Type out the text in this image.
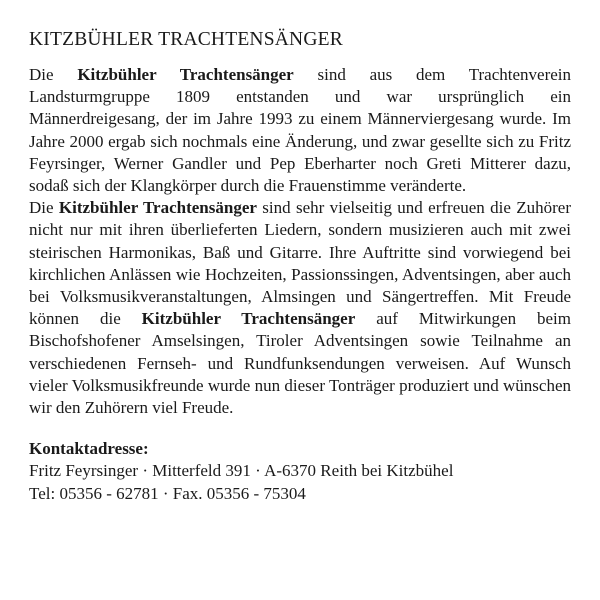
KITZBÜHLER TRACHTENSÄNGER

Die Kitzbühler Trachtensänger sind aus dem Trachtenverein Landsturmgruppe 1809 entstanden und war ursprünglich ein Männerdreigesang, der im Jahre 1993 zu einem Männerviergesang wurde. Im Jahre 2000 ergab sich nochmals eine Änderung, und zwar gesellte sich zu Fritz Feyrsinger, Werner Gandler und Pep Eberharter noch Greti Mitterer dazu, sodaß sich der Klangkörper durch die Frauenstimme veränderte.

Die Kitzbühler Trachtensänger sind sehr vielseitig und erfreuen die Zuhörer nicht nur mit ihren überlieferten Liedern, sondern musizieren auch mit zwei steirischen Harmonikas, Baß und Gitarre. Ihre Auftritte sind vorwiegend bei kirchlichen Anlässen wie Hochzeiten, Passionssingen, Adventsingen, aber auch bei Volksmusikveranstaltungen, Almsingen und Sängertreffen. Mit Freude können die Kitzbühler Trachtensänger auf Mitwirkungen beim Bischofshofener Amselsingen, Tiroler Adventsingen sowie Teilnahme an verschiedenen Fernseh- und Rundfunksendungen verweisen. Auf Wunsch vieler Volksmusikfreunde wurde nun dieser Tonträger produziert und wünschen wir den Zuhörern viel Freude.

Kontaktadresse:
Fritz Feyrsinger · Mitterfeld 391 · A-6370 Reith bei Kitzbühel
Tel: 05356 - 62781 · Fax. 05356 - 75304
